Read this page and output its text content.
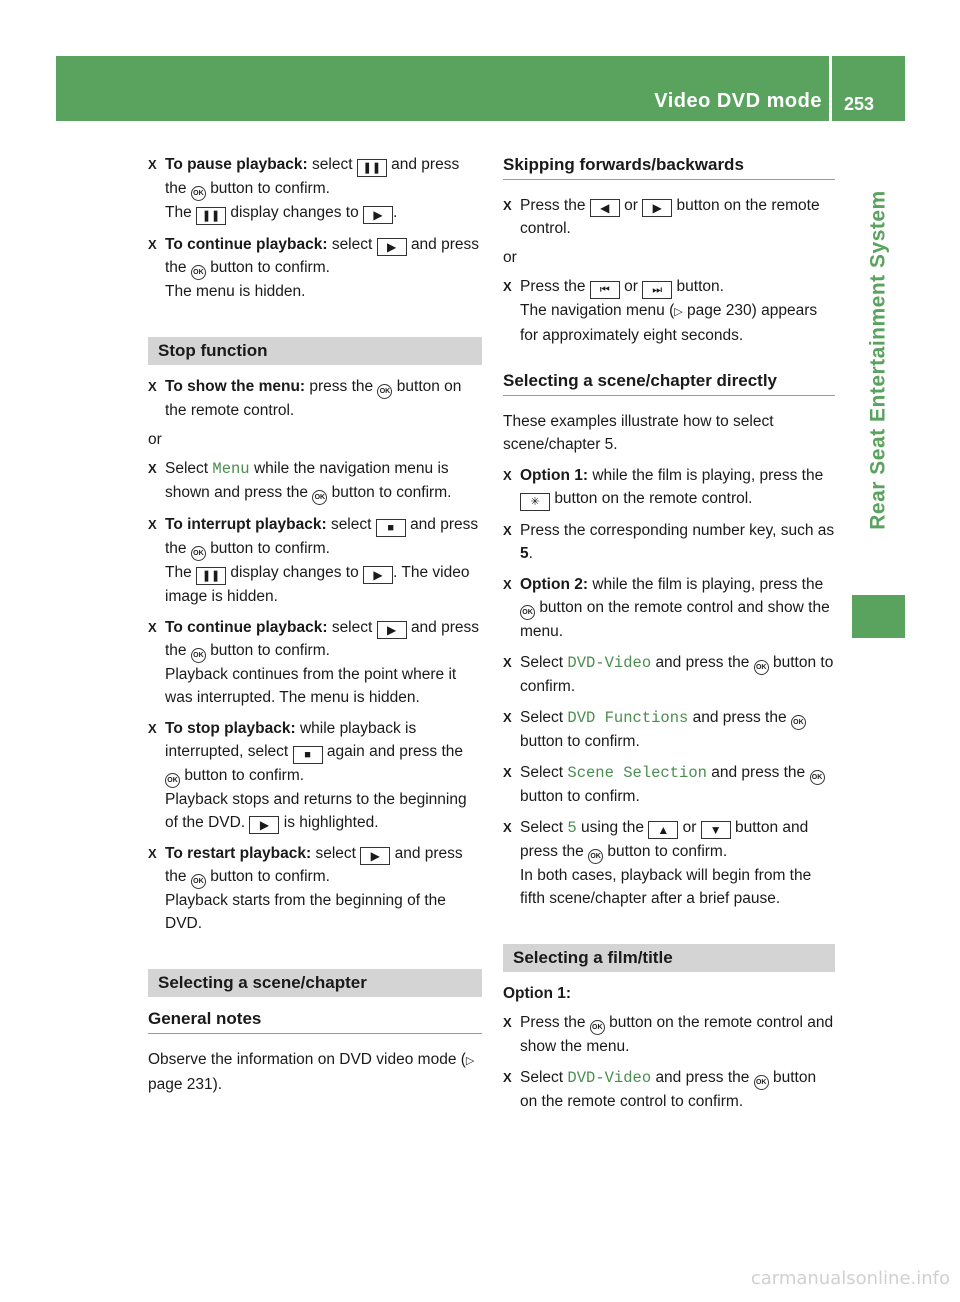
Video DVD mode	253
Rear Seat Entertainment System
X To pause playback: select ❚❚ and press the OK button to confirm.
The ❚❚ display changes to ▶ .
X To continue playback: select ▶ and press the OK button to confirm.
The menu is hidden.
Stop function
X To show the menu: press the OK button on the remote control.
or
X Select Menu while the navigation menu is shown and press the OK button to confirm.
X To interrupt playback: select ■ and press the OK button to confirm.
The ❚❚ display changes to ▶ . The video image is hidden.
X To continue playback: select ▶ and press the OK button to confirm.
Playback continues from the point where it was interrupted. The menu is hidden.
X To stop playback: while playback is interrupted, select ■ again and press the OK button to confirm.
Playback stops and returns to the beginning of the DVD. ▶ is highlighted.
X To restart playback: select ▶ and press the OK button to confirm.
Playback starts from the beginning of the DVD.
Selecting a scene/chapter
General notes
Observe the information on DVD video mode (▷ page 231).
Skipping forwards/backwards
X Press the ◀ or ▶ button on the remote control.
or
X Press the ⏮ or ⏭ button.
The navigation menu (▷ page 230) appears for approximately eight seconds.
Selecting a scene/chapter directly
These examples illustrate how to select scene/chapter 5.
X Option 1: while the film is playing, press the ✳ button on the remote control.
X Press the corresponding number key, such as 5.
X Option 2: while the film is playing, press the OK button on the remote control and show the menu.
X Select DVD-Video and press the OK button to confirm.
X Select DVD Functions and press the OK button to confirm.
X Select Scene Selection and press the OK button to confirm.
X Select 5 using the ▲ or ▼ button and press the OK button to confirm.
In both cases, playback will begin from the fifth scene/chapter after a brief pause.
Selecting a film/title
Option 1:
X Press the OK button on the remote control and show the menu.
X Select DVD-Video and press the OK button on the remote control to confirm.
carmanualsonline.info
